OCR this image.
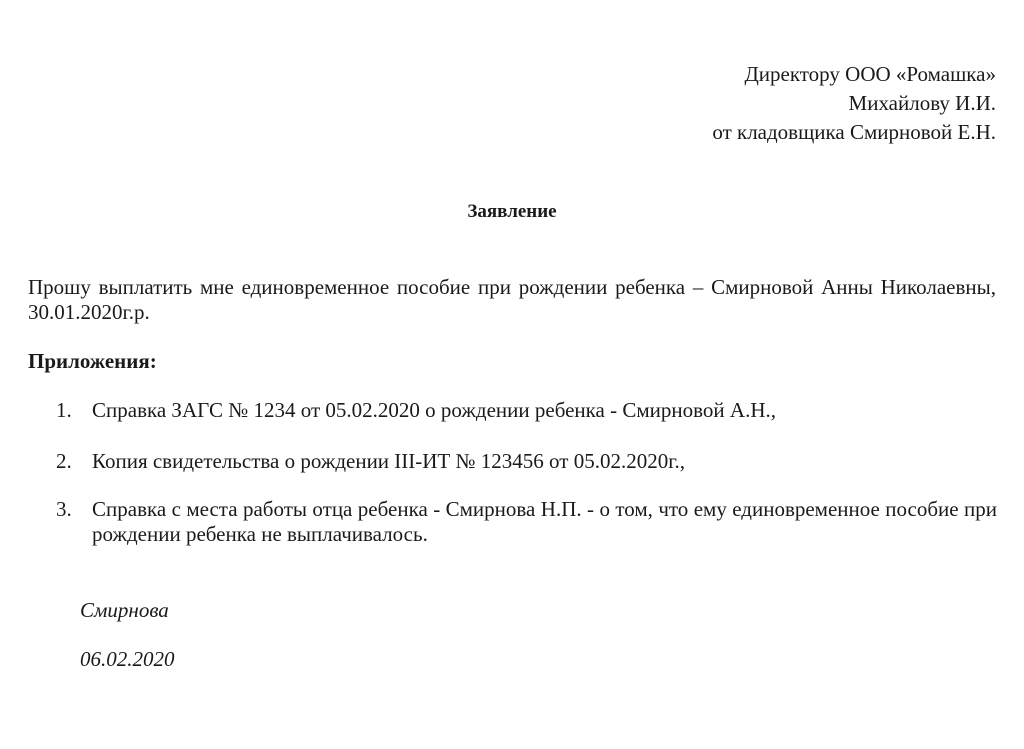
Директору ООО «Ромашка»
Михайлову И.И.
от кладовщика Смирновой Е.Н.
Заявление
Прошу выплатить мне единовременное пособие при рождении ребенка – Смирновой Анны Николаевны, 30.01.2020г.р.
Приложения:
1. Справка ЗАГС № 1234 от 05.02.2020 о рождении ребенка - Смирновой А.Н.,
2. Копия свидетельства о рождении III-ИТ № 123456 от 05.02.2020г.,
3. Справка с места работы отца ребенка - Смирнова Н.П. - о том, что ему единовременное пособие при рождении ребенка не выплачивалось.
Смирнова
06.02.2020
